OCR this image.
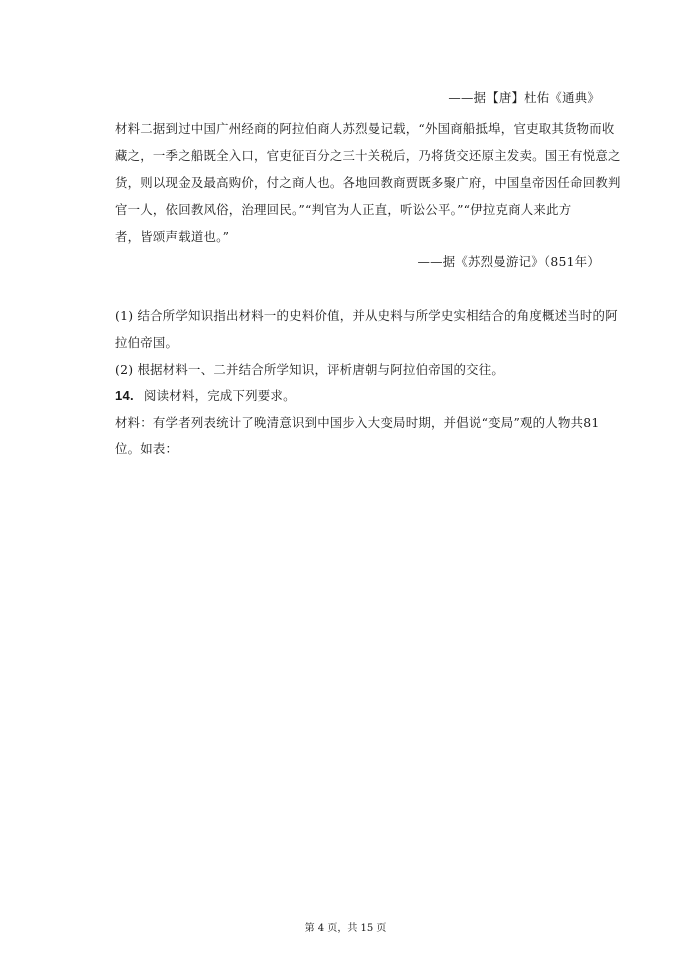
——据【唐】杜佑《通典》
材料二据到过中国广州经商的阿拉伯商人苏烈曼记载，“外国商船抵埠，官吏取其货物而收
藏之，一季之船既全入口，官吏征百分之三十关税后，乃将货交还原主发卖。国王有悦意之
货，则以现金及最高购价，付之商人也。各地回教商贾既多聚广府，中国皇帝因任命回教判
官一人，依回教风俗，治理回民。”“判官为人正直，听讼公平。”“伊拉克商人来此方
者，皆颂声载道也。”
——据《苏烈曼游记》（851年）
(1) 结合所学知识指出材料一的史料价值，并从史料与所学史实相结合的角度概述当时的阿
拉伯帝国。
(2) 根据材料一、二并结合所学知识，评析唐朝与阿拉伯帝国的交往。
14. 阅读材料，完成下列要求。
材料：有学者列表统计了晚清意识到中国步入大变局时期，并倡说“变局”观的人物共81
位。如表：
第 4 页，共 15 页
